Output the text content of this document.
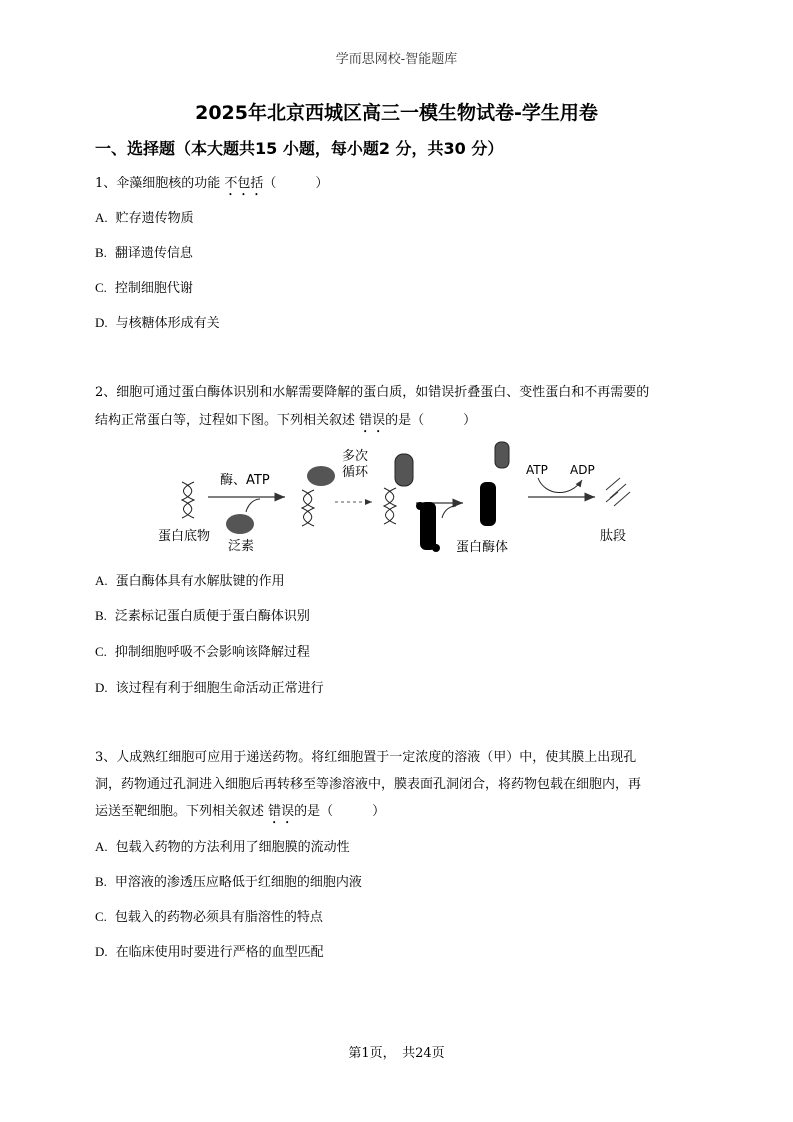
学而思网校-智能题库
2025年北京西城区高三一模生物试卷-学生用卷
一、选择题（本大题共15 小题，每小题2 分，共30 分）
1、伞藻细胞核的功能 不包括（　　　）
A. 贮存遗传物质
B. 翻译遗传信息
C. 控制细胞代谢
D. 与核糖体形成有关
2、细胞可通过蛋白酶体识别和水解需要降解的蛋白质，如错误折叠蛋白、变性蛋白和不再需要的
结构正常蛋白等，过程如下图。下列相关叙述 错误的是（　　　）
蛋白底物
酶、ATP
泛素
多次
循环
蛋白酶体
ATP ADP
肽段
A. 蛋白酶体具有水解肽键的作用
B. 泛素标记蛋白质便于蛋白酶体识别
C. 抑制细胞呼吸不会影响该降解过程
D. 该过程有利于细胞生命活动正常进行
3、人成熟红细胞可应用于递送药物。将红细胞置于一定浓度的溶液（甲）中，使其膜上出现孔
洞，药物通过孔洞进入细胞后再转移至等渗溶液中，膜表面孔洞闭合，将药物包载在细胞内，再
运送至靶细胞。下列相关叙述 错误的是（　　　）
A. 包载入药物的方法利用了细胞膜的流动性
B. 甲溶液的渗透压应略低于红细胞的细胞内液
C. 包载入的药物必须具有脂溶性的特点
D. 在临床使用时要进行严格的血型匹配
第1页，　共24页
